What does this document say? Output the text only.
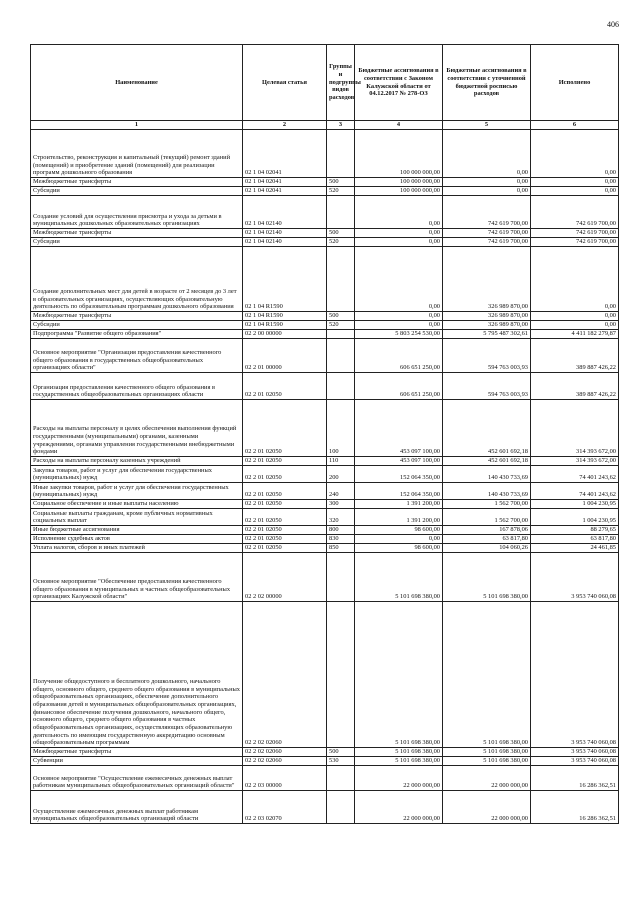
406
Наименование	Целевая статья	Группы и подгруппы видов расходов	Бюджетные ассигнования в соответствии с Законом Калужской области от 04.12.2017 № 278-ОЗ	Бюджетные ассигнования в соответствии с уточненной бюджетной росписью расходов	Исполнено
1	2	3	4	5	6
Строительство, реконструкция и капитальный (текущий) ремонт зданий (помещений) и приобретение зданий (помещений) для реализации программ дошкольного образования	02 1 04 02041		100 000 000,00	0,00	0,00
Межбюджетные трансферты	02 1 04 02041	500	100 000 000,00	0,00	0,00
Субсидии	02 1 04 02041	520	100 000 000,00	0,00	0,00
Создание условий для осуществления присмотра и ухода за детьми в муниципальных дошкольных образовательных организациях	02 1 04 02140		0,00	742 619 700,00	742 619 700,00
Межбюджетные трансферты	02 1 04 02140	500	0,00	742 619 700,00	742 619 700,00
Субсидии	02 1 04 02140	520	0,00	742 619 700,00	742 619 700,00
Создание дополнительных мест для детей в возрасте от 2 месяцев до 3 лет в образовательных организациях, осуществляющих образовательную деятельность по образовательным программам дошкольного образования	02 1 04 R1590		0,00	326 989 870,00	0,00
Межбюджетные трансферты	02 1 04 R1590	500	0,00	326 989 870,00	0,00
Субсидии	02 1 04 R1590	520	0,00	326 989 870,00	0,00
Подпрограмма "Развитие общего образования"	02 2 00 00000		5 803 254 530,00	5 795 487 302,61	4 411 182 279,87
Основное мероприятие "Организация предоставления качественного общего образования в государственных общеобразовательных организациях области"	02 2 01 00000		606 651 250,00	594 763 003,93	389 887 426,22
Организация предоставления качественного общего образования в государственных общеобразовательных организациях области	02 2 01 02050		606 651 250,00	594 763 003,93	389 887 426,22
Расходы на выплаты персоналу в целях обеспечения выполнения функций государственными (муниципальными) органами, казенными учреждениями, органами управления государственными внебюджетными фондами	02 2 01 02050	100	453 097 100,00	452 601 692,18	314 393 672,00
Расходы на выплаты персоналу казенных учреждений	02 2 01 02050	110	453 097 100,00	452 601 692,18	314 393 672,00
Закупка товаров, работ и услуг для обеспечения государственных (муниципальных) нужд	02 2 01 02050	200	152 064 350,00	140 430 733,69	74 401 243,62
Иные закупки товаров, работ и услуг для обеспечения государственных (муниципальных) нужд	02 2 01 02050	240	152 064 350,00	140 430 733,69	74 401 243,62
Социальное обеспечение и иные выплаты населению	02 2 01 02050	300	1 391 200,00	1 562 700,00	1 004 230,95
Социальные выплаты гражданам, кроме публичных нормативных социальных выплат	02 2 01 02050	320	1 391 200,00	1 562 700,00	1 004 230,95
Иные бюджетные ассигнования	02 2 01 02050	800	98 600,00	167 878,06	88 279,65
Исполнение судебных актов	02 2 01 02050	830	0,00	63 817,80	63 817,80
Уплата налогов, сборов и иных платежей	02 2 01 02050	850	98 600,00	104 060,26	24 461,85
Основное мероприятие "Обеспечение предоставления качественного общего образования в муниципальных и частных общеобразовательных организациях Калужской области"	02 2 02 00000		5 101 698 380,00	5 101 698 380,00	3 953 740 060,08
Получение общедоступного и бесплатного дошкольного, начального общего, основного общего, среднего общего образования в муниципальных общеобразовательных организациях, обеспечение дополнительного образования детей в муниципальных общеобразовательных организациях, финансовое обеспечение получения дошкольного, начального общего, основного общего, среднего общего образования в частных общеобразовательных организациях, осуществляющих образовательную деятельность по имеющим государственную аккредитацию основным общеобразовательным программам	02 2 02 02060		5 101 698 380,00	5 101 698 380,00	3 953 740 060,08
Межбюджетные трансферты	02 2 02 02060	500	5 101 698 380,00	5 101 698 380,00	3 953 740 060,08
Субвенции	02 2 02 02060	530	5 101 698 380,00	5 101 698 380,00	3 953 740 060,08
Основное мероприятие "Осуществление ежемесячных денежных выплат работникам муниципальных общеобразовательных организаций области"	02 2 03 00000		22 000 000,00	22 000 000,00	16 286 362,51
Осуществление ежемесячных денежных выплат работникам муниципальных общеобразовательных организаций области	02 2 03 02070		22 000 000,00	22 000 000,00	16 286 362,51
